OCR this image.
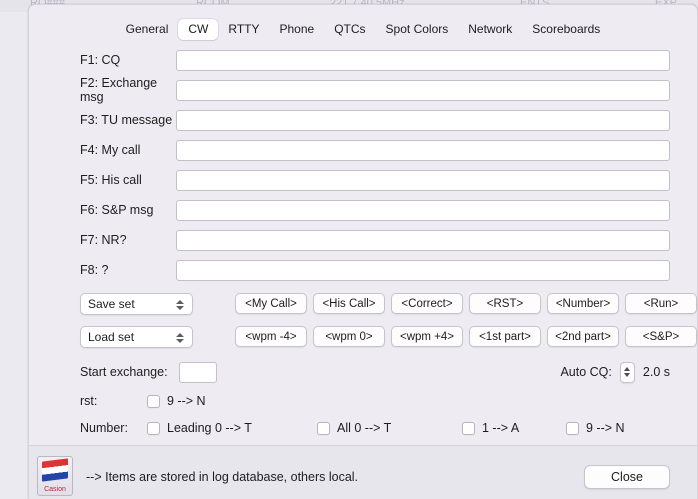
General	CW	RTTY	Phone	QTCs	Spot Colors	Network	Scoreboards
F1: CQ
F2: Exchange msg
F3: TU message
F4: My call
F5: His call
F6: S&P msg
F7: NR?
F8: ?
Save set	<My Call>	<His Call>	<Correct>	<RST>	<Number>	<Run>
Load set	<wpm -4>	<wpm 0>	<wpm +4>	<1st part>	<2nd part>	<S&P>
Start exchange:	Auto CQ: 2.0 s
rst:	9 --> N
Number:	Leading 0 --> T	All 0 --> T	1 --> A	9 --> N
Casion
--> Items are stored in log database, others local.	Close
